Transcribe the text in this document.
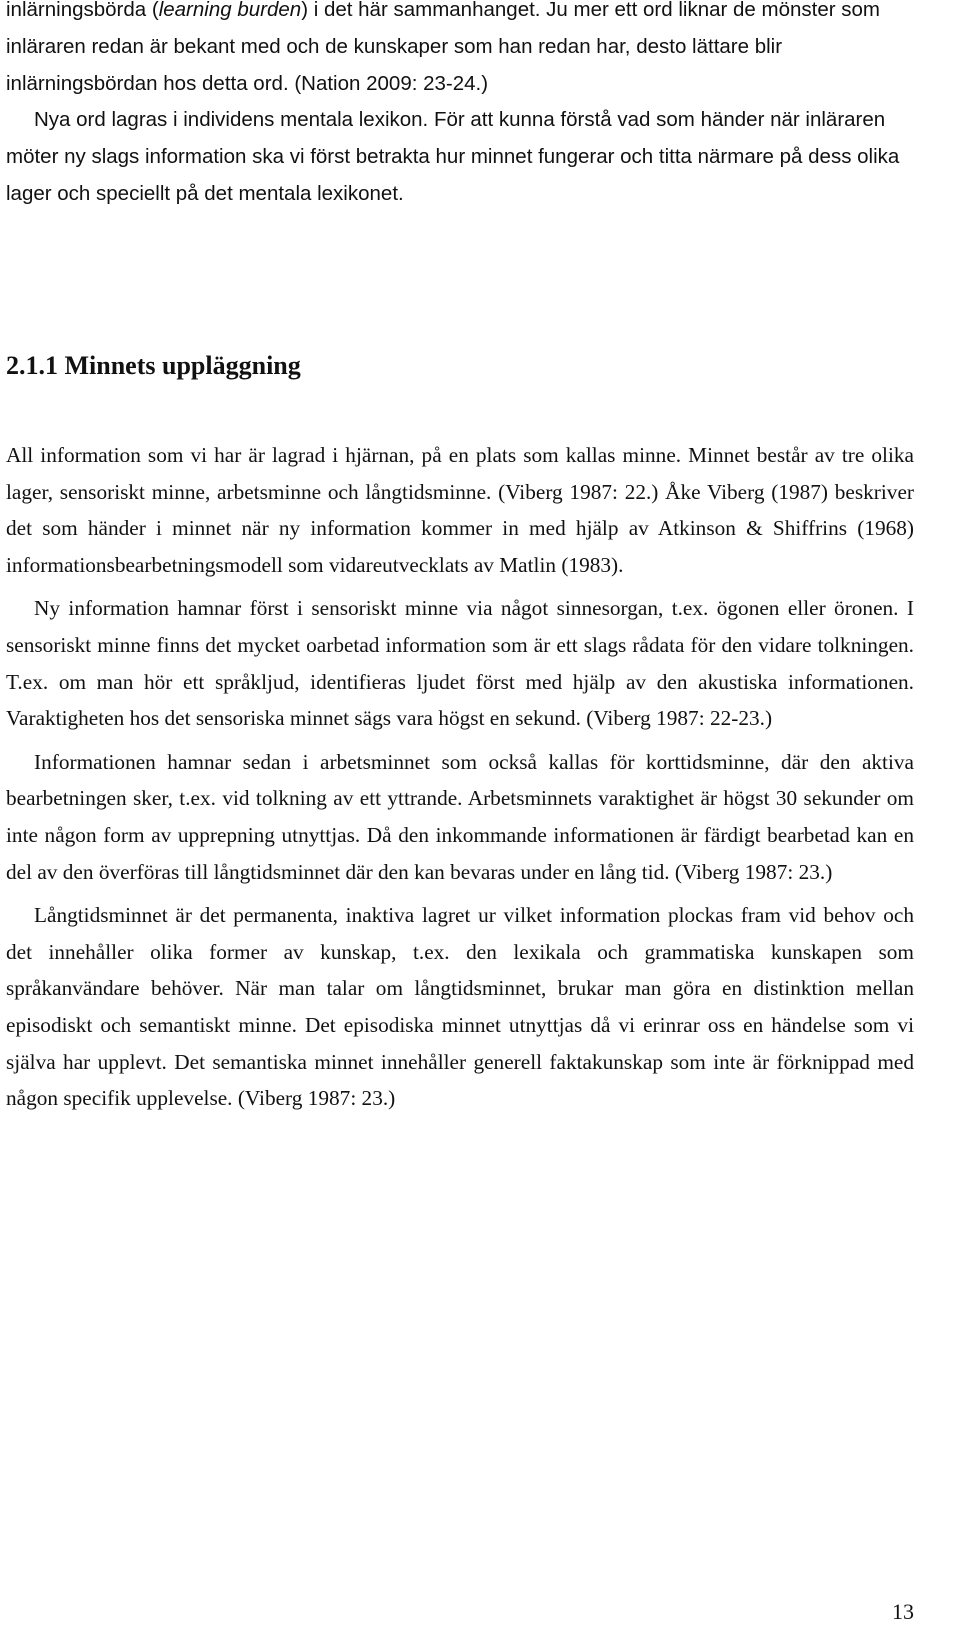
inlärningsbörda (learning burden) i det här sammanhanget. Ju mer ett ord liknar de mönster som inläraren redan är bekant med och de kunskaper som han redan har, desto lättare blir inlärningsbördan hos detta ord. (Nation 2009: 23-24.)

Nya ord lagras i individens mentala lexikon. För att kunna förstå vad som händer när inläraren möter ny slags information ska vi först betrakta hur minnet fungerar och titta närmare på dess olika lager och speciellt på det mentala lexikonet.

2.1.1 Minnets uppläggning

All information som vi har är lagrad i hjärnan, på en plats som kallas minne. Minnet består av tre olika lager, sensoriskt minne, arbetsminne och långtidsminne. (Viberg 1987: 22.) Åke Viberg (1987) beskriver det som händer i minnet när ny information kommer in med hjälp av Atkinson & Shiffrins (1968) informationsbearbetningsmodell som vidareutvecklats av Matlin (1983).

Ny information hamnar först i sensoriskt minne via något sinnesorgan, t.ex. ögonen eller öronen. I sensoriskt minne finns det mycket oarbetad information som är ett slags rådata för den vidare tolkningen. T.ex. om man hör ett språkljud, identifieras ljudet först med hjälp av den akustiska informationen. Varaktigheten hos det sensoriska minnet sägs vara högst en sekund. (Viberg 1987: 22-23.)

Informationen hamnar sedan i arbetsminnet som också kallas för korttidsminne, där den aktiva bearbetningen sker, t.ex. vid tolkning av ett yttrande. Arbetsminnets varaktighet är högst 30 sekunder om inte någon form av upprepning utnyttjas. Då den inkommande informationen är färdigt bearbetad kan en del av den överföras till långtidsminnet där den kan bevaras under en lång tid. (Viberg 1987: 23.)

Långtidsminnet är det permanenta, inaktiva lagret ur vilket information plockas fram vid behov och det innehåller olika former av kunskap, t.ex. den lexikala och grammatiska kunskapen som språkanvändare behöver. När man talar om långtidsminnet, brukar man göra en distinktion mellan episodiskt och semantiskt minne. Det episodiska minnet utnyttjas då vi erinrar oss en händelse som vi själva har upplevt. Det semantiska minnet innehåller generell faktakunskap som inte är förknippad med någon specifik upplevelse. (Viberg 1987: 23.)

13
